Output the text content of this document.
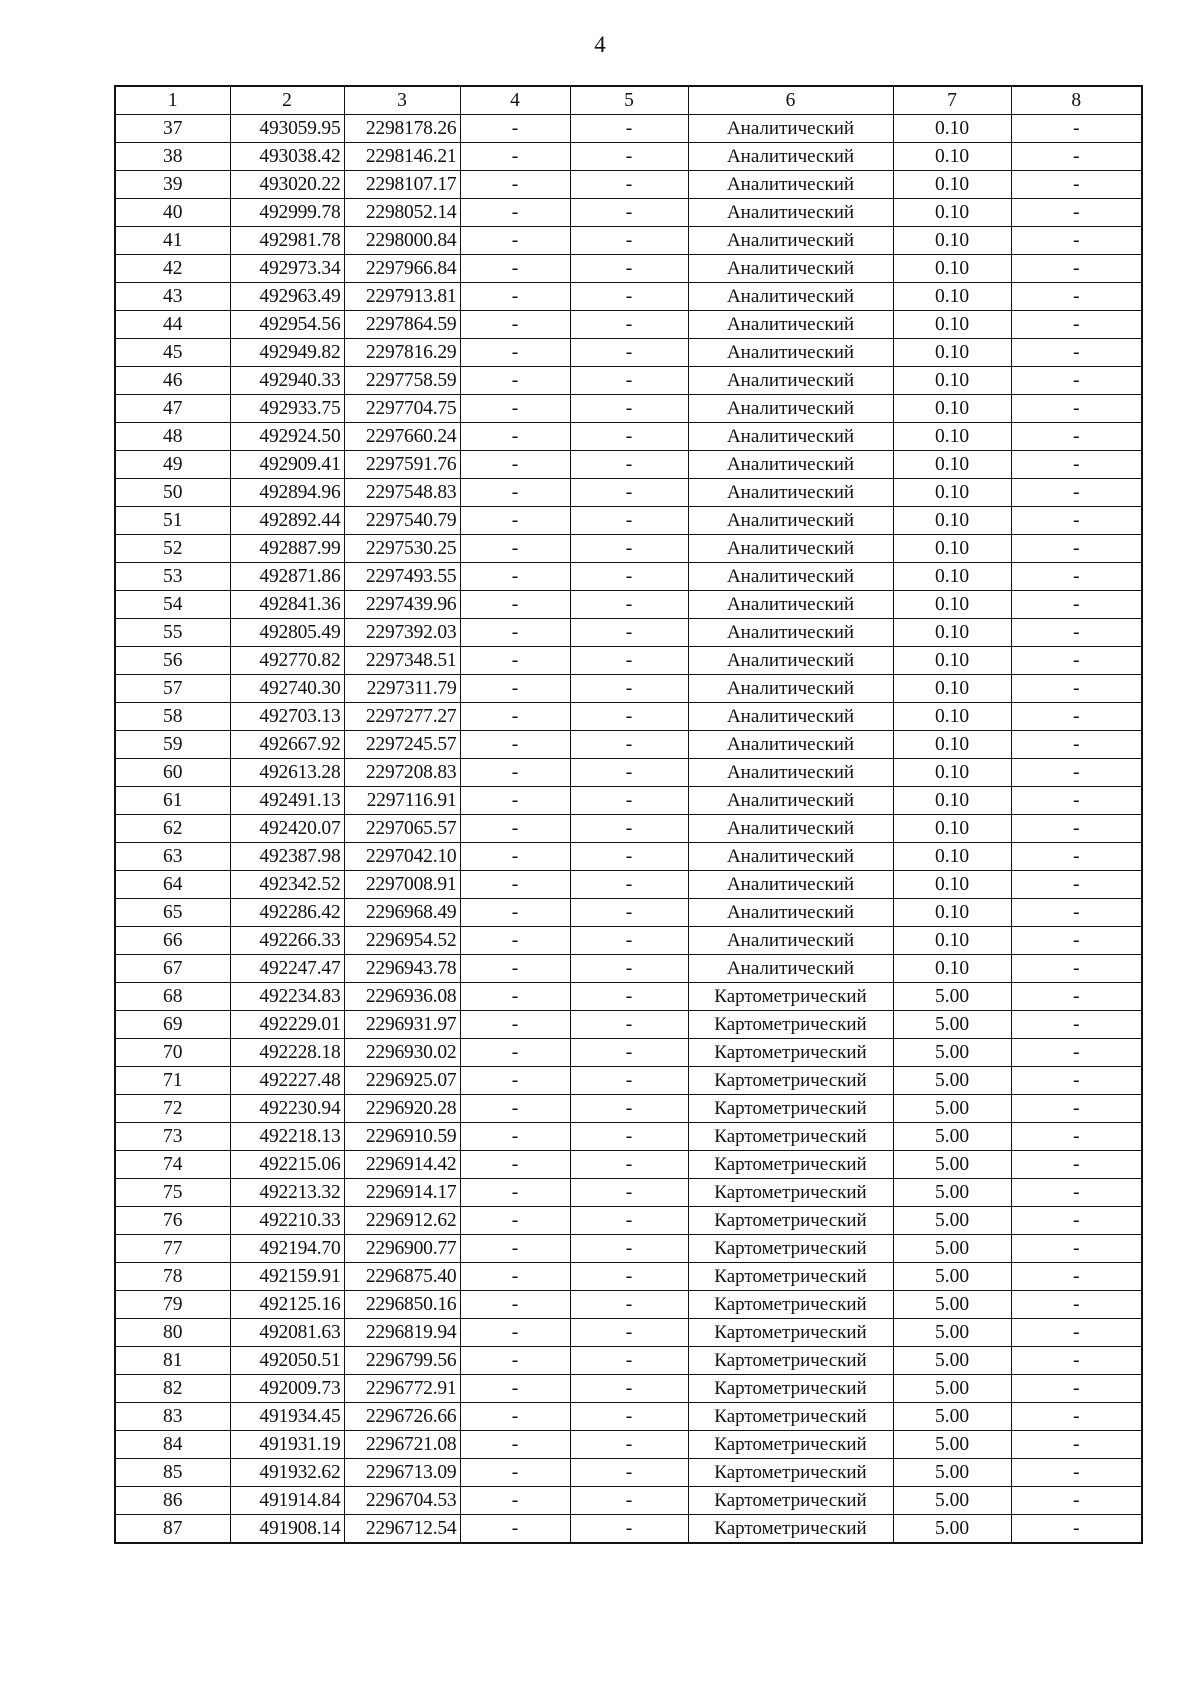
4
1	2	3	4	5	6	7	8
37	493059.95	2298178.26	-	-	Аналитический	0.10	-
38	493038.42	2298146.21	-	-	Аналитический	0.10	-
39	493020.22	2298107.17	-	-	Аналитический	0.10	-
40	492999.78	2298052.14	-	-	Аналитический	0.10	-
41	492981.78	2298000.84	-	-	Аналитический	0.10	-
42	492973.34	2297966.84	-	-	Аналитический	0.10	-
43	492963.49	2297913.81	-	-	Аналитический	0.10	-
44	492954.56	2297864.59	-	-	Аналитический	0.10	-
45	492949.82	2297816.29	-	-	Аналитический	0.10	-
46	492940.33	2297758.59	-	-	Аналитический	0.10	-
47	492933.75	2297704.75	-	-	Аналитический	0.10	-
48	492924.50	2297660.24	-	-	Аналитический	0.10	-
49	492909.41	2297591.76	-	-	Аналитический	0.10	-
50	492894.96	2297548.83	-	-	Аналитический	0.10	-
51	492892.44	2297540.79	-	-	Аналитический	0.10	-
52	492887.99	2297530.25	-	-	Аналитический	0.10	-
53	492871.86	2297493.55	-	-	Аналитический	0.10	-
54	492841.36	2297439.96	-	-	Аналитический	0.10	-
55	492805.49	2297392.03	-	-	Аналитический	0.10	-
56	492770.82	2297348.51	-	-	Аналитический	0.10	-
57	492740.30	2297311.79	-	-	Аналитический	0.10	-
58	492703.13	2297277.27	-	-	Аналитический	0.10	-
59	492667.92	2297245.57	-	-	Аналитический	0.10	-
60	492613.28	2297208.83	-	-	Аналитический	0.10	-
61	492491.13	2297116.91	-	-	Аналитический	0.10	-
62	492420.07	2297065.57	-	-	Аналитический	0.10	-
63	492387.98	2297042.10	-	-	Аналитический	0.10	-
64	492342.52	2297008.91	-	-	Аналитический	0.10	-
65	492286.42	2296968.49	-	-	Аналитический	0.10	-
66	492266.33	2296954.52	-	-	Аналитический	0.10	-
67	492247.47	2296943.78	-	-	Аналитический	0.10	-
68	492234.83	2296936.08	-	-	Картометрический	5.00	-
69	492229.01	2296931.97	-	-	Картометрический	5.00	-
70	492228.18	2296930.02	-	-	Картометрический	5.00	-
71	492227.48	2296925.07	-	-	Картометрический	5.00	-
72	492230.94	2296920.28	-	-	Картометрический	5.00	-
73	492218.13	2296910.59	-	-	Картометрический	5.00	-
74	492215.06	2296914.42	-	-	Картометрический	5.00	-
75	492213.32	2296914.17	-	-	Картометрический	5.00	-
76	492210.33	2296912.62	-	-	Картометрический	5.00	-
77	492194.70	2296900.77	-	-	Картометрический	5.00	-
78	492159.91	2296875.40	-	-	Картометрический	5.00	-
79	492125.16	2296850.16	-	-	Картометрический	5.00	-
80	492081.63	2296819.94	-	-	Картометрический	5.00	-
81	492050.51	2296799.56	-	-	Картометрический	5.00	-
82	492009.73	2296772.91	-	-	Картометрический	5.00	-
83	491934.45	2296726.66	-	-	Картометрический	5.00	-
84	491931.19	2296721.08	-	-	Картометрический	5.00	-
85	491932.62	2296713.09	-	-	Картометрический	5.00	-
86	491914.84	2296704.53	-	-	Картометрический	5.00	-
87	491908.14	2296712.54	-	-	Картометрический	5.00	-
